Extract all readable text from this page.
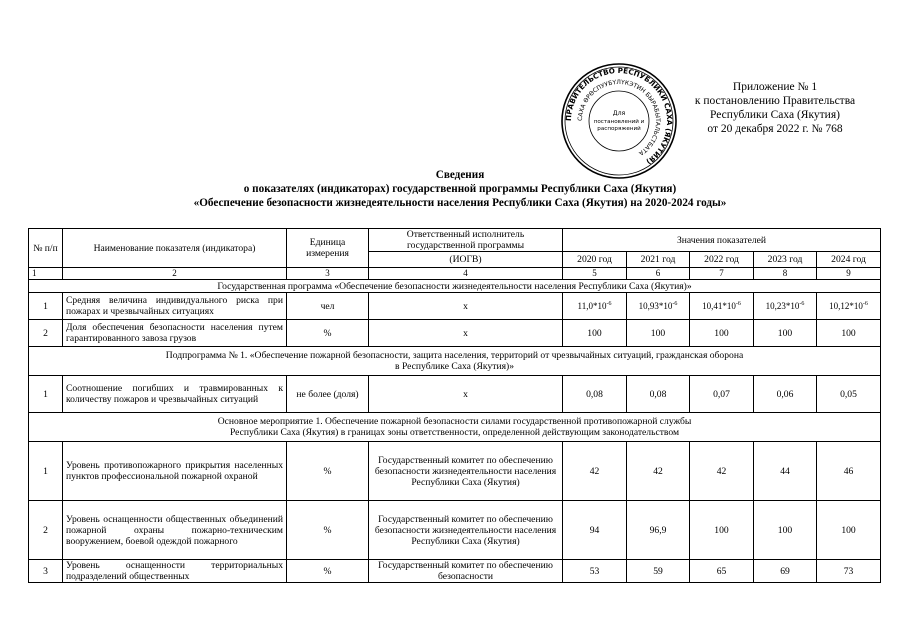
Приложение № 1
к постановлению Правительства
Республики Саха (Якутия)
от 20 декабря 2022 г. № 768
ПРАВИТЕЛЬСТВО РЕСПУБЛИКИ САХА (ЯКУТИЯ)
САХА ӨРӨСПУУБҮЛҮКЭТИН БЫРАБЫТАЛЬСТБАТА
Для
постановлений и
распоряжений
Сведения
о показателях (индикаторах) государственной программы Республики Саха (Якутия)
«Обеспечение безопасности жизнедеятельности населения Республики Саха (Якутия) на 2020-2024 годы»
№ п/п	Наименование показателя (индикатора)	Единица измерения	Ответственный исполнитель государственной программы	Значения показателей				
			(ИОГВ)	2020 год	2021 год	2022 год	2023 год	2024 год
1	2	3	4	5	6	7	8	9
Государственная программа «Обеспечение безопасности жизнедеятельности населения Республики Саха (Якутия)»								
1	Средняя величина индивидуального риска при пожарах и чрезвычайных ситуациях	чел	х	$11,0*10^{-6}$	$10,93*10^{-6}$	$10,41*10^{-6}$	$10,23*10^{-6}$	$10,12*10^{-6}$
2	Доля обеспечения безопасности населения путем гарантированного завоза грузов	%	х	100	100	100	100	100

Подпрограмма № 1. «Обеспечение пожарной безопасности, защита населения, территорий от чрезвычайных ситуаций, гражданская оборона
в Республике Саха (Якутия)»								

1	Соотношение погибших и травмированных к количеству пожаров и чрезвычайных ситуаций	не более (доля)	х	0,08	0,08	0,07	0,06	0,05

Основное мероприятие 1. Обеспечение пожарной безопасности силами государственной противопожарной службы
Республики Саха (Якутия) в границах зоны ответственности, определенной действующим законодательством								

1	Уровень противопожарного прикрытия населенных пунктов профессиональной пожарной охраной	%	Государственный комитет по обеспечению безопасности жизнедеятельности населения Республики Саха (Якутия)	42	42	42	44	46
2	Уровень оснащенности общественных объединений пожарной охраны пожарно-техническим вооружением, боевой одеждой пожарного	%	Государственный комитет по обеспечению безопасности жизнедеятельности населения Республики Саха (Якутия)	94	96,9	100	100	100
3	Уровень оснащенности территориальных подразделений общественных	%	Государственный комитет по обеспечению безопасности	53	59	65	69	73
